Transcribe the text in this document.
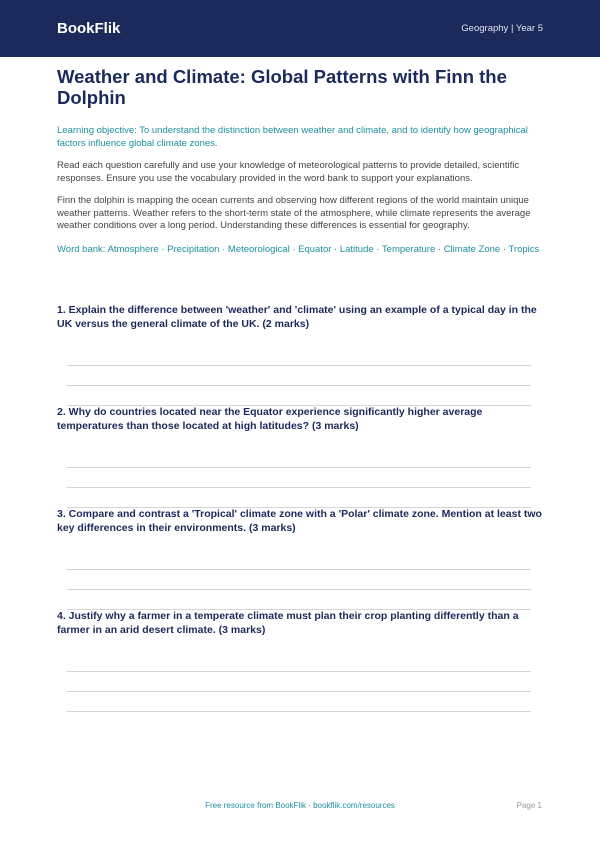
BookFlik	Geography | Year 5
Weather and Climate: Global Patterns with Finn the Dolphin

Learning objective: To understand the distinction between weather and climate, and to identify how geographical factors influence global climate zones.

Read each question carefully and use your knowledge of meteorological patterns to provide detailed, scientific responses. Ensure you use the vocabulary provided in the word bank to support your explanations.

Finn the dolphin is mapping the ocean currents and observing how different regions of the world maintain unique weather patterns. Weather refers to the short-term state of the atmosphere, while climate represents the average weather conditions over a long period. Understanding these differences is essential for geography.

Word bank: Atmosphere · Precipitation · Meteorological · Equator · Latitude · Temperature · Climate Zone · Tropics

1. Explain the difference between 'weather' and 'climate' using an example of a typical day in the UK versus the general climate of the UK. (2 marks)

2. Why do countries located near the Equator experience significantly higher average temperatures than those located at high latitudes? (3 marks)

3. Compare and contrast a 'Tropical' climate zone with a 'Polar' climate zone. Mention at least two key differences in their environments. (3 marks)

4. Justify why a farmer in a temperate climate must plan their crop planting differently than a farmer in an arid desert climate. (3 marks)

Free resource from BookFlik · bookflik.com/resources	Page 1
